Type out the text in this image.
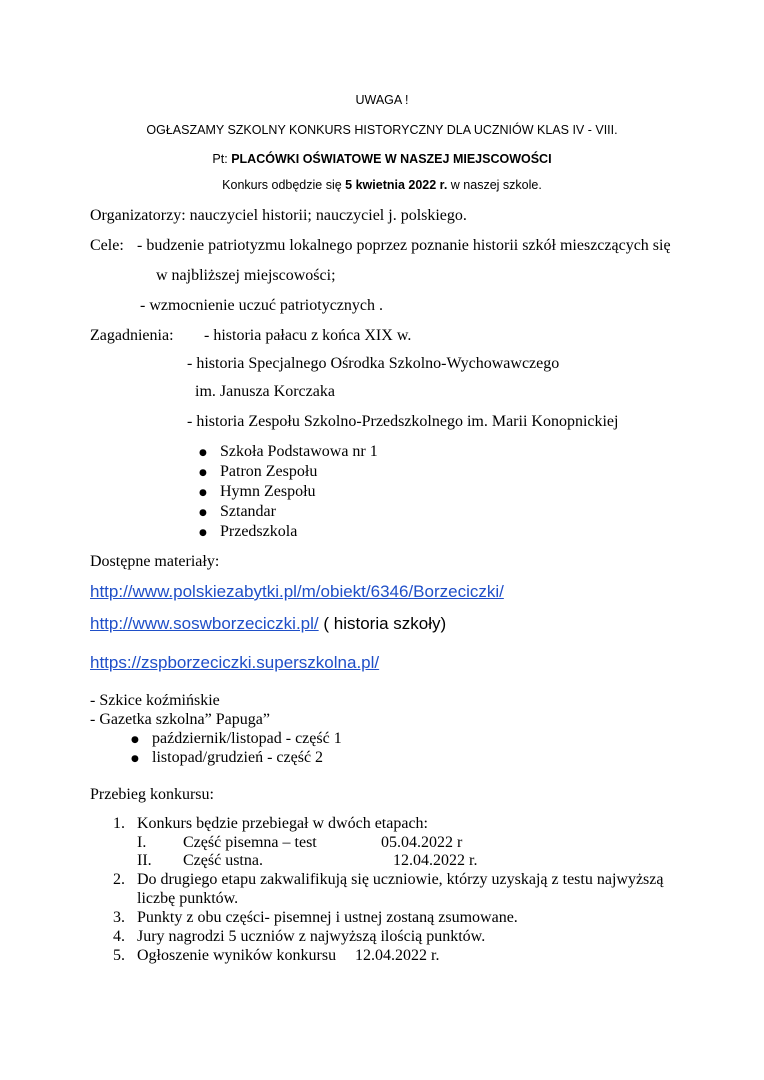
UWAGA !
OGŁASZAMY SZKOLNY KONKURS HISTORYCZNY DLA UCZNIÓW KLAS IV - VIII.
Pt: PLACÓWKI OŚWIATOWE W NASZEJ MIEJSCOWOŚCI
Konkurs odbędzie się 5 kwietnia 2022 r. w naszej szkole.
Organizatorzy: nauczyciel historii; nauczyciel j. polskiego.
Cele: - budzenie patriotyzmu lokalnego poprzez poznanie historii szkół mieszczących się
w najbliższej miejscowości;
- wzmocnienie uczuć patriotycznych .
Zagadnienia: - historia pałacu z końca XIX w.
- historia Specjalnego Ośrodka Szkolno-Wychowawczego
im. Janusza Korczaka
- historia Zespołu Szkolno-Przedszkolnego im. Marii Konopnickiej
● Szkoła Podstawowa nr 1
● Patron Zespołu
● Hymn Zespołu
● Sztandar
● Przedszkola
Dostępne materiały:
http://www.polskiezabytki.pl/m/obiekt/6346/Borzeciczki/
http://www.soswborzeciczki.pl/ ( historia szkoły)
https://zspborzeciczki.superszkolna.pl/
- Szkice koźmińskie
- Gazetka szkolna” Papuga”
● październik/listopad - część 1
● listopad/grudzień - część 2
Przebieg konkursu:
1. Konkurs będzie przebiegał w dwóch etapach:
I. Część pisemna – test	05.04.2022 r
II. Część ustna.	12.04.2022 r.
2. Do drugiego etapu zakwalifikują się uczniowie, którzy uzyskają z testu najwyższą
liczbę punktów.
3. Punkty z obu części- pisemnej i ustnej zostaną zsumowane.
4. Jury nagrodzi 5 uczniów z najwyższą ilością punktów.
5. Ogłoszenie wyników konkursu 12.04.2022 r.
